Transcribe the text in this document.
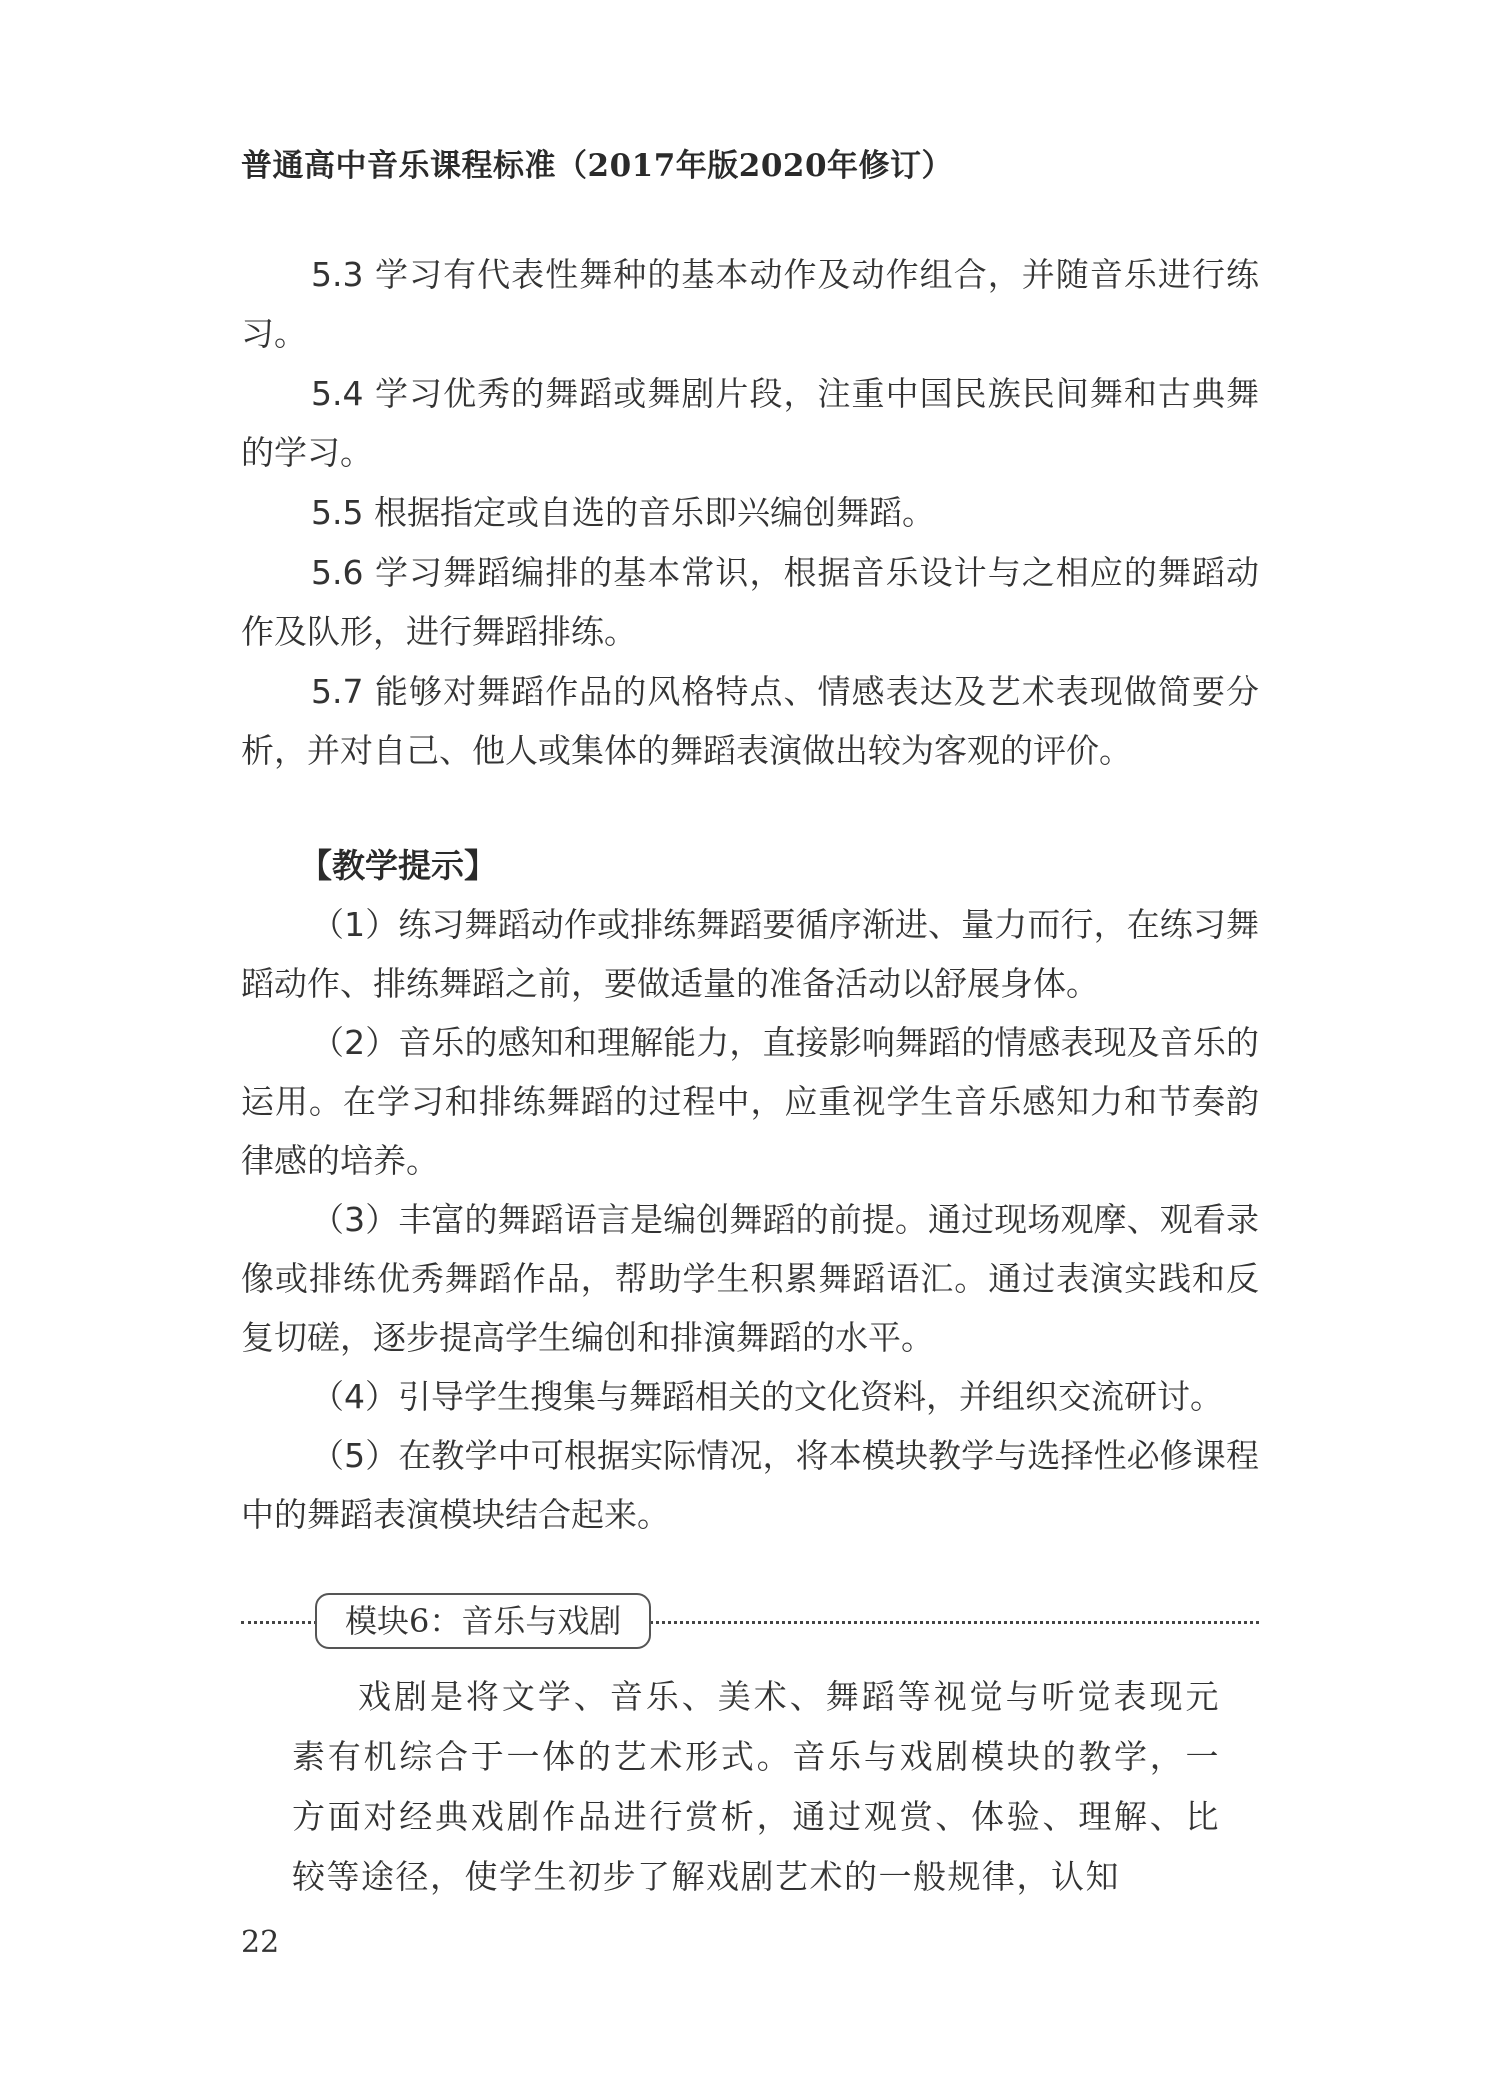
普通高中音乐课程标准（2017年版2020年修订）

5.3 学习有代表性舞种的基本动作及动作组合，并随音乐进行练习。

5.4 学习优秀的舞蹈或舞剧片段，注重中国民族民间舞和古典舞的学习。

5.5 根据指定或自选的音乐即兴编创舞蹈。

5.6 学习舞蹈编排的基本常识，根据音乐设计与之相应的舞蹈动作及队形，进行舞蹈排练。

5.7 能够对舞蹈作品的风格特点、情感表达及艺术表现做简要分析，并对自己、他人或集体的舞蹈表演做出较为客观的评价。

【教学提示】

（1）练习舞蹈动作或排练舞蹈要循序渐进、量力而行，在练习舞蹈动作、排练舞蹈之前，要做适量的准备活动以舒展身体。

（2）音乐的感知和理解能力，直接影响舞蹈的情感表现及音乐的运用。在学习和排练舞蹈的过程中，应重视学生音乐感知力和节奏韵律感的培养。

（3）丰富的舞蹈语言是编创舞蹈的前提。通过现场观摩、观看录像或排练优秀舞蹈作品，帮助学生积累舞蹈语汇。通过表演实践和反复切磋，逐步提高学生编创和排演舞蹈的水平。

（4）引导学生搜集与舞蹈相关的文化资料，并组织交流研讨。

（5）在教学中可根据实际情况，将本模块教学与选择性必修课程中的舞蹈表演模块结合起来。

模块6：音乐与戏剧

戏剧是将文学、音乐、美术、舞蹈等视觉与听觉表现元素有机综合于一体的艺术形式。音乐与戏剧模块的教学，一方面对经典戏剧作品进行赏析，通过观赏、体验、理解、比较等途径，使学生初步了解戏剧艺术的一般规律，认知

22
